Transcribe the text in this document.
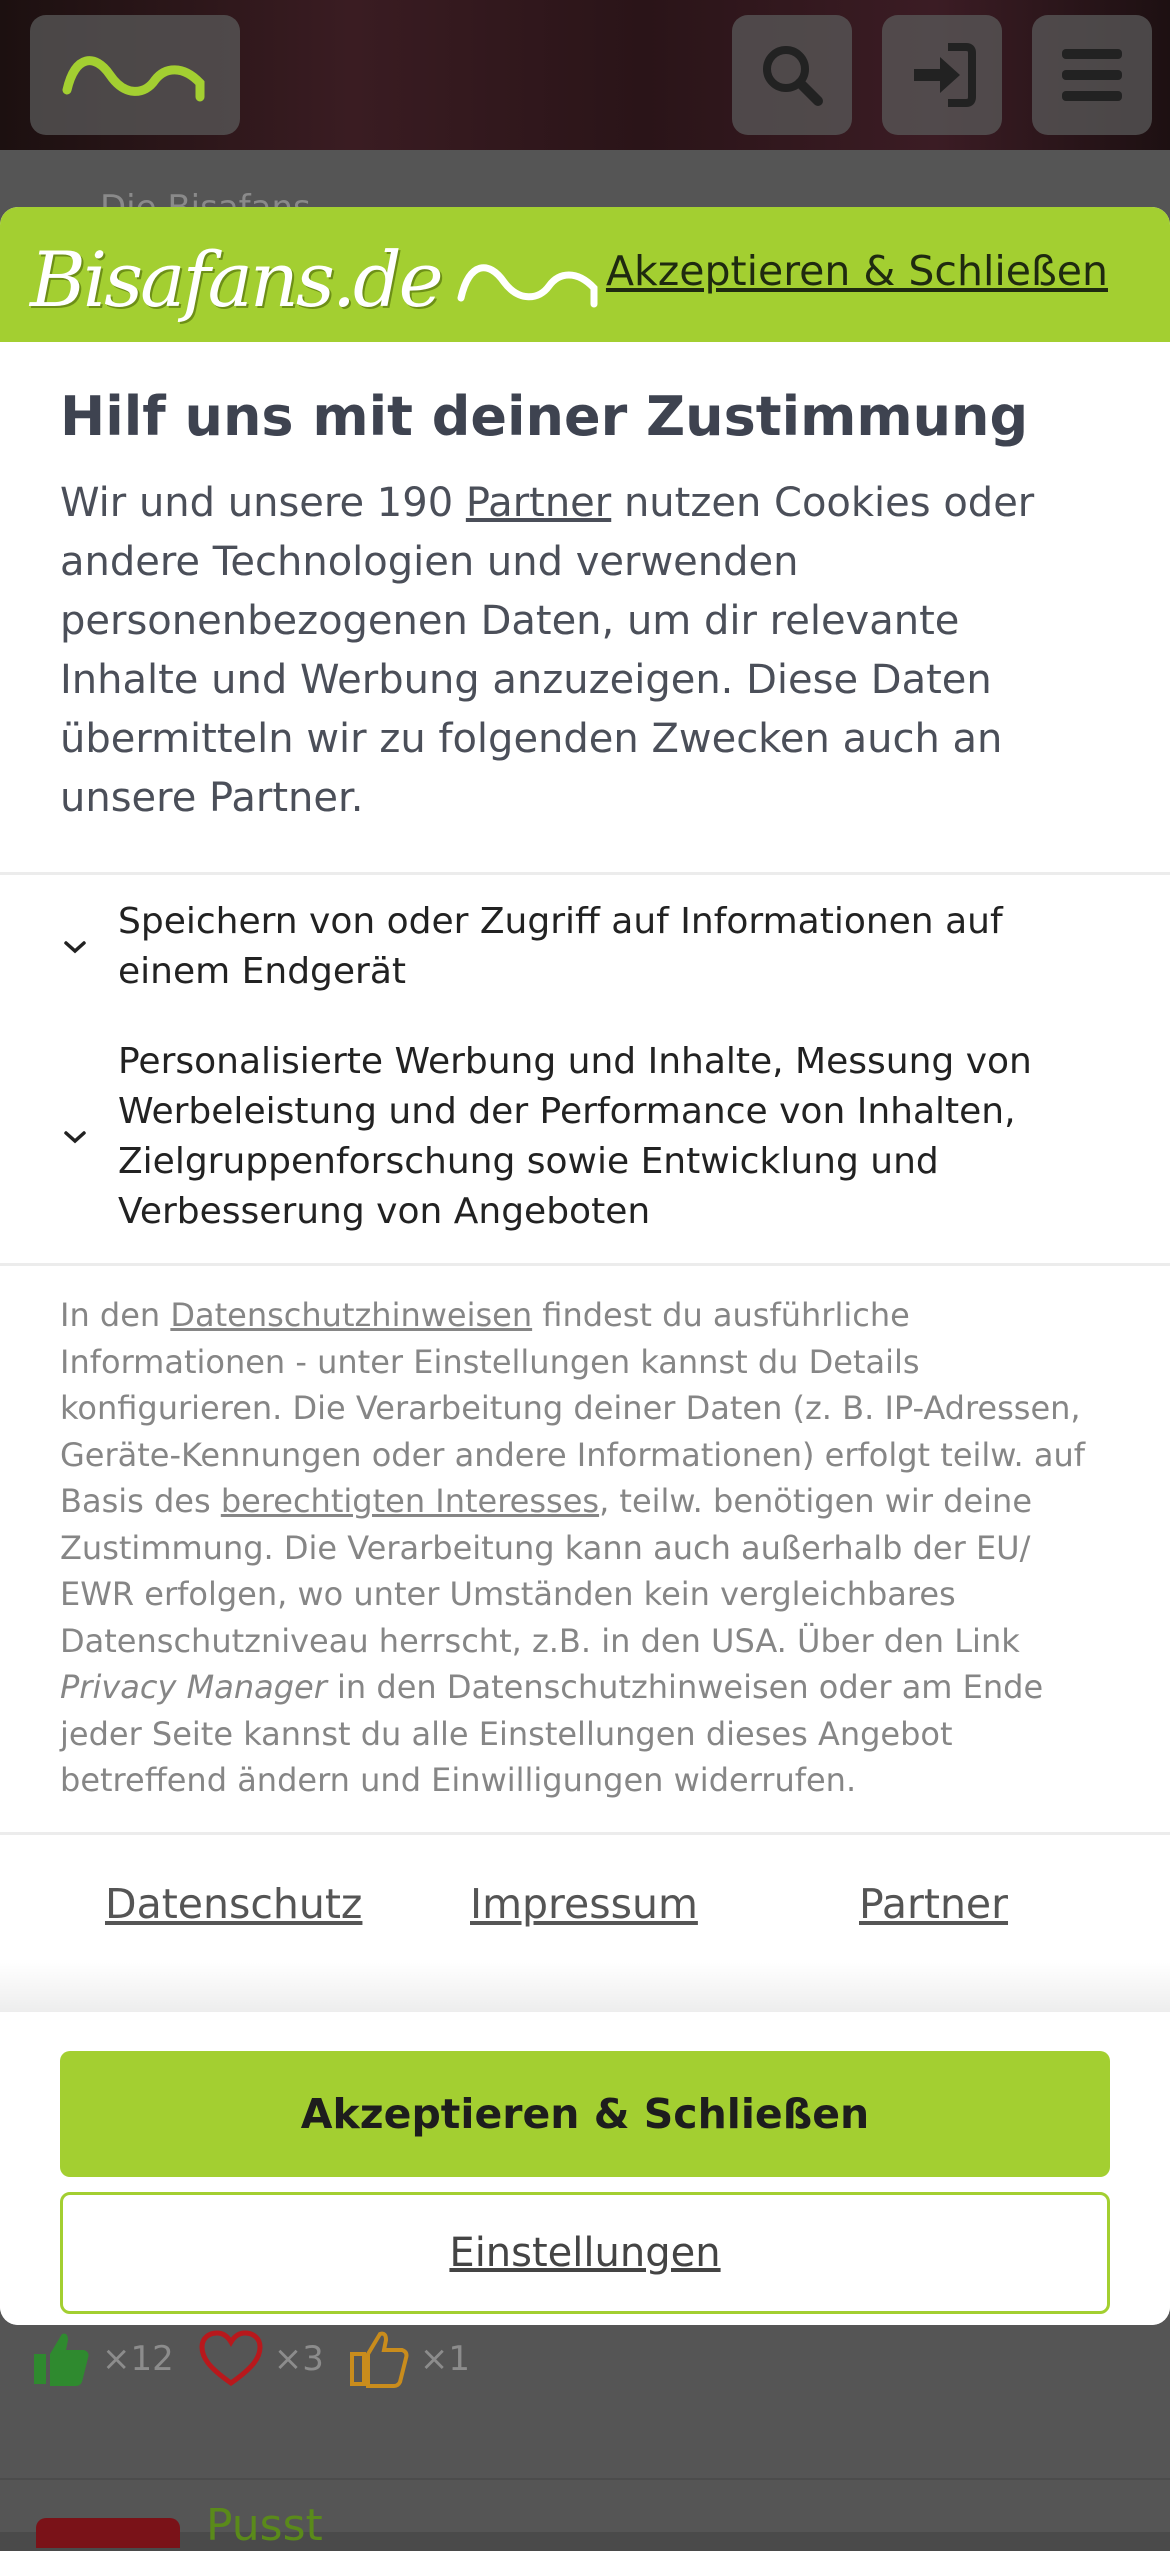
×12	×3	×1
Pusst
Bisafans.de	Akzeptieren & Schließen
Hilf uns mit deiner Zustimmung

Wir und unsere 190 Partner nutzen Cookies oder andere Technologien und verwenden personenbezogenen Daten, um dir relevante Inhalte und Werbung anzuzeigen. Diese Daten übermitteln wir zu folgenden Zwecken auch an unsere Partner.

Speichern von oder Zugriff auf Informationen auf einem Endgerät
Personalisierte Werbung und Inhalte, Messung von Werbeleistung und der Performance von Inhalten, Zielgruppenforschung sowie Entwicklung und Verbesserung von Angeboten
In den Datenschutzhinweisen findest du ausführliche Informationen - unter Einstellungen kannst du Details konfigurieren. Die Verarbeitung deiner Daten (z. B. IP-Adressen, Geräte-Kennungen oder andere Informationen) erfolgt teilw. auf Basis des berechtigten Interesses, teilw. benötigen wir deine Zustimmung. Die Verarbeitung kann auch außerhalb der EU/ EWR erfolgen, wo unter Umständen kein vergleichbares Datenschutzniveau herrscht, z.B. in den USA. Über den Link Privacy Manager in den Datenschutzhinweisen oder am Ende jeder Seite kannst du alle Einstellungen dieses Angebot betreffend ändern und Einwilligungen widerrufen.
Datenschutz	Impressum	Partner
Akzeptieren & Schließen
Einstellungen
